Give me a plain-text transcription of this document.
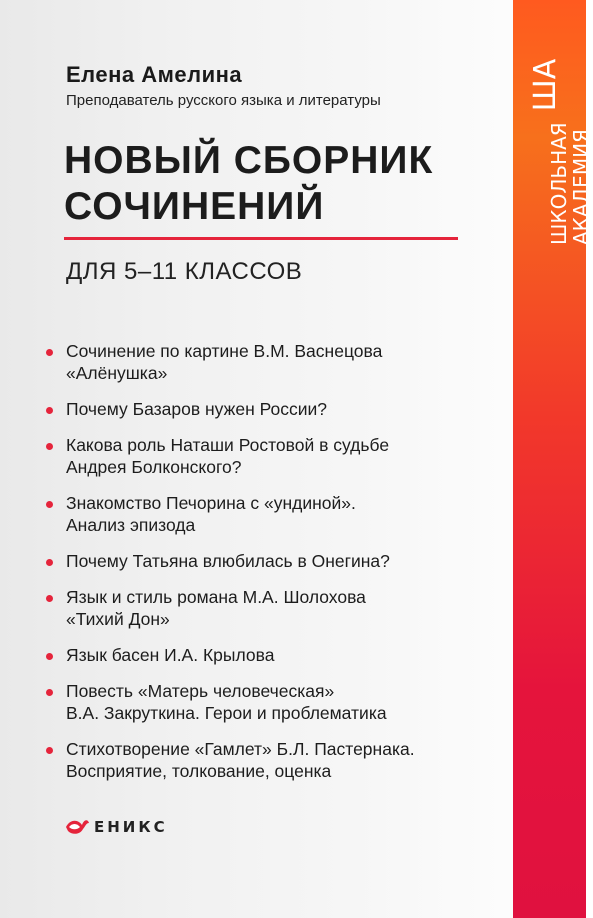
ША
ШКОЛЬНАЯ
АКАДЕМИЯ
Елена Амелина
Преподаватель русского языка и литературы
НОВЫЙ СБОРНИК
СОЧИНЕНИЙ
ДЛЯ 5–11 КЛАССОВ
Сочинение по картине В.М. Васнецова
«Алёнушка»
Почему Базаров нужен России?
Какова роль Наташи Ростовой в судьбе
Андрея Болконского?
Знакомство Печорина с «ундиной».
Анализ эпизода
Почему Татьяна влюбилась в Онегина?
Язык и стиль романа М.А. Шолохова
«Тихий Дон»
Язык басен И.А. Крылова
Повесть «Матерь человеческая»
В.А. Закруткина. Герои и проблематика
Стихотворение «Гамлет» Б.Л. Пастернака.
Восприятие, толкование, оценка
ЕНИКС
